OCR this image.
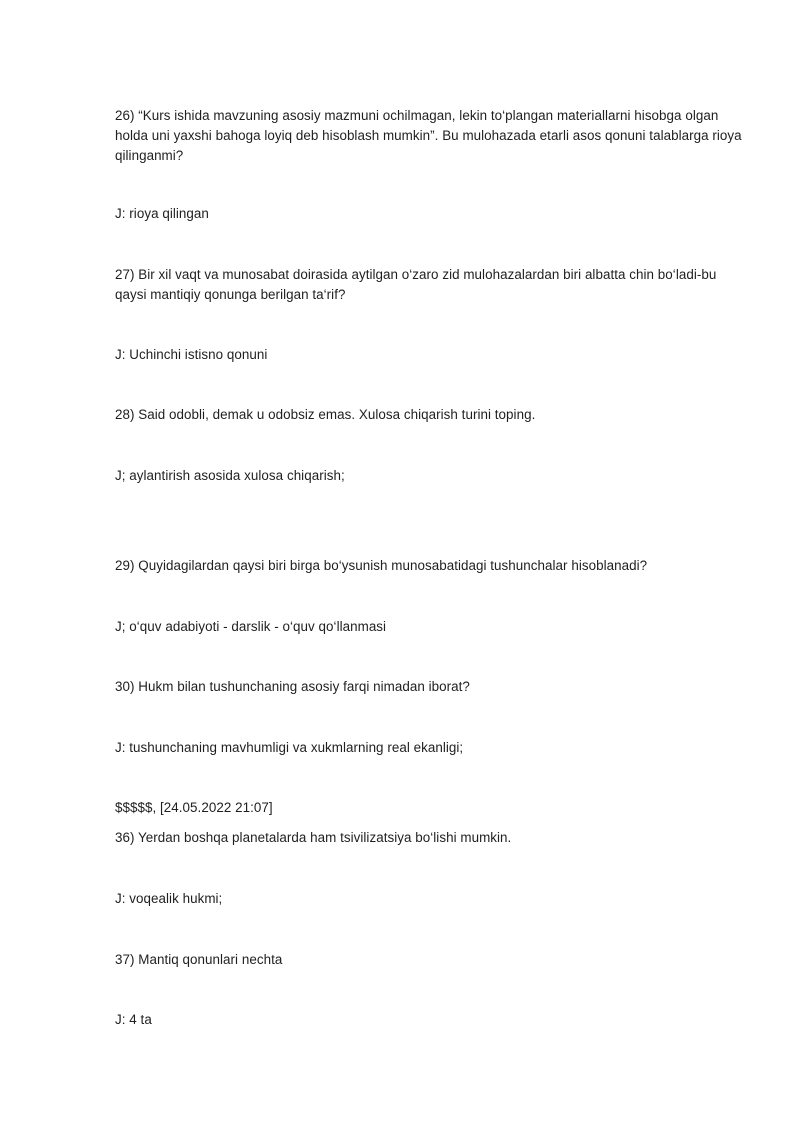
26) “Kurs ishida mavzuning asosiy mazmuni ochilmagan, lekin to‘plangan materiallarni hisobga olgan holda uni yaxshi bahoga loyiq deb hisoblash mumkin”. Bu mulohazada etarli asos qonuni talablarga rioya qilinganmi?
J: rioya qilingan
27) Bir xil vaqt va munosabat doirasida aytilgan o‘zaro zid mulohazalardan biri albatta chin bo‘ladi-bu qaysi mantiqiy qonunga berilgan ta‘rif?
J: Uchinchi istisno qonuni
28) Said odobli, demak u odobsiz emas. Xulosa chiqarish turini toping.
J; aylantirish asosida xulosa chiqarish;
29) Quyidagilardan qaysi biri birga bo‘ysunish munosabatidagi tushunchalar hisoblanadi?
J; o‘quv adabiyoti - darslik - o‘quv qo‘llanmasi
30) Hukm bilan tushunchaning asosiy farqi nimadan iborat?
J: tushunchaning mavhumligi va xukmlarning real ekanligi;
$$$$$, [24.05.2022 21:07]
36) Yerdan boshqa planetalarda ham tsivilizatsiya bo‘lishi mumkin.
J: voqealik hukmi;
37) Mantiq qonunlari nechta
J: 4 ta
